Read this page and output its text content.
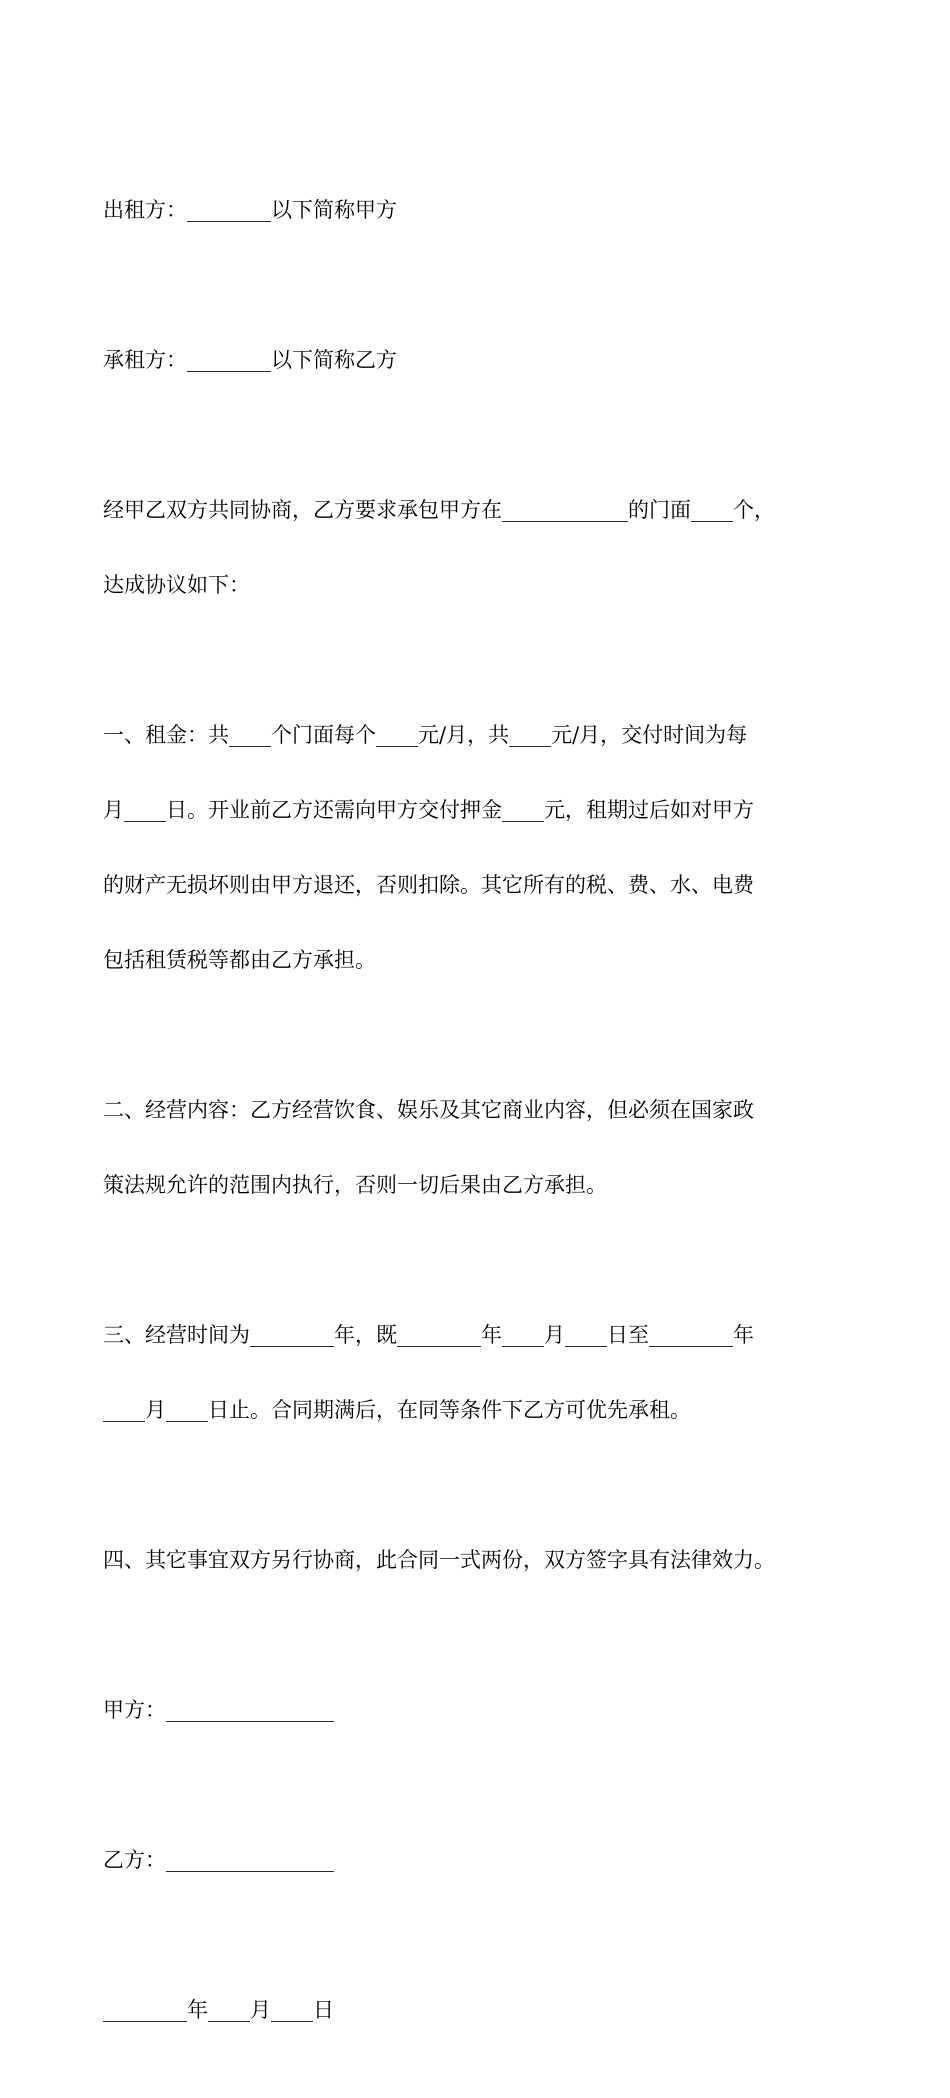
出租方：________以下简称甲方

承租方：________以下简称乙方

经甲乙双方共同协商，乙方要求承包甲方在____________的门面____个，

达成协议如下：

一、租金：共____个门面每个____元/月，共____元/月，交付时间为每

月____日。开业前乙方还需向甲方交付押金____元，租期过后如对甲方

的财产无损坏则由甲方退还，否则扣除。其它所有的税、费、水、电费

包括租赁税等都由乙方承担。

二、经营内容：乙方经营饮食、娱乐及其它商业内容，但必须在国家政

策法规允许的范围内执行，否则一切后果由乙方承担。

三、经营时间为________年，既________年____月____日至________年

____月____日止。合同期满后，在同等条件下乙方可优先承租。

四、其它事宜双方另行协商，此合同一式两份，双方签字具有法律效力。

甲方：________________

乙方：________________

________年____月____日
